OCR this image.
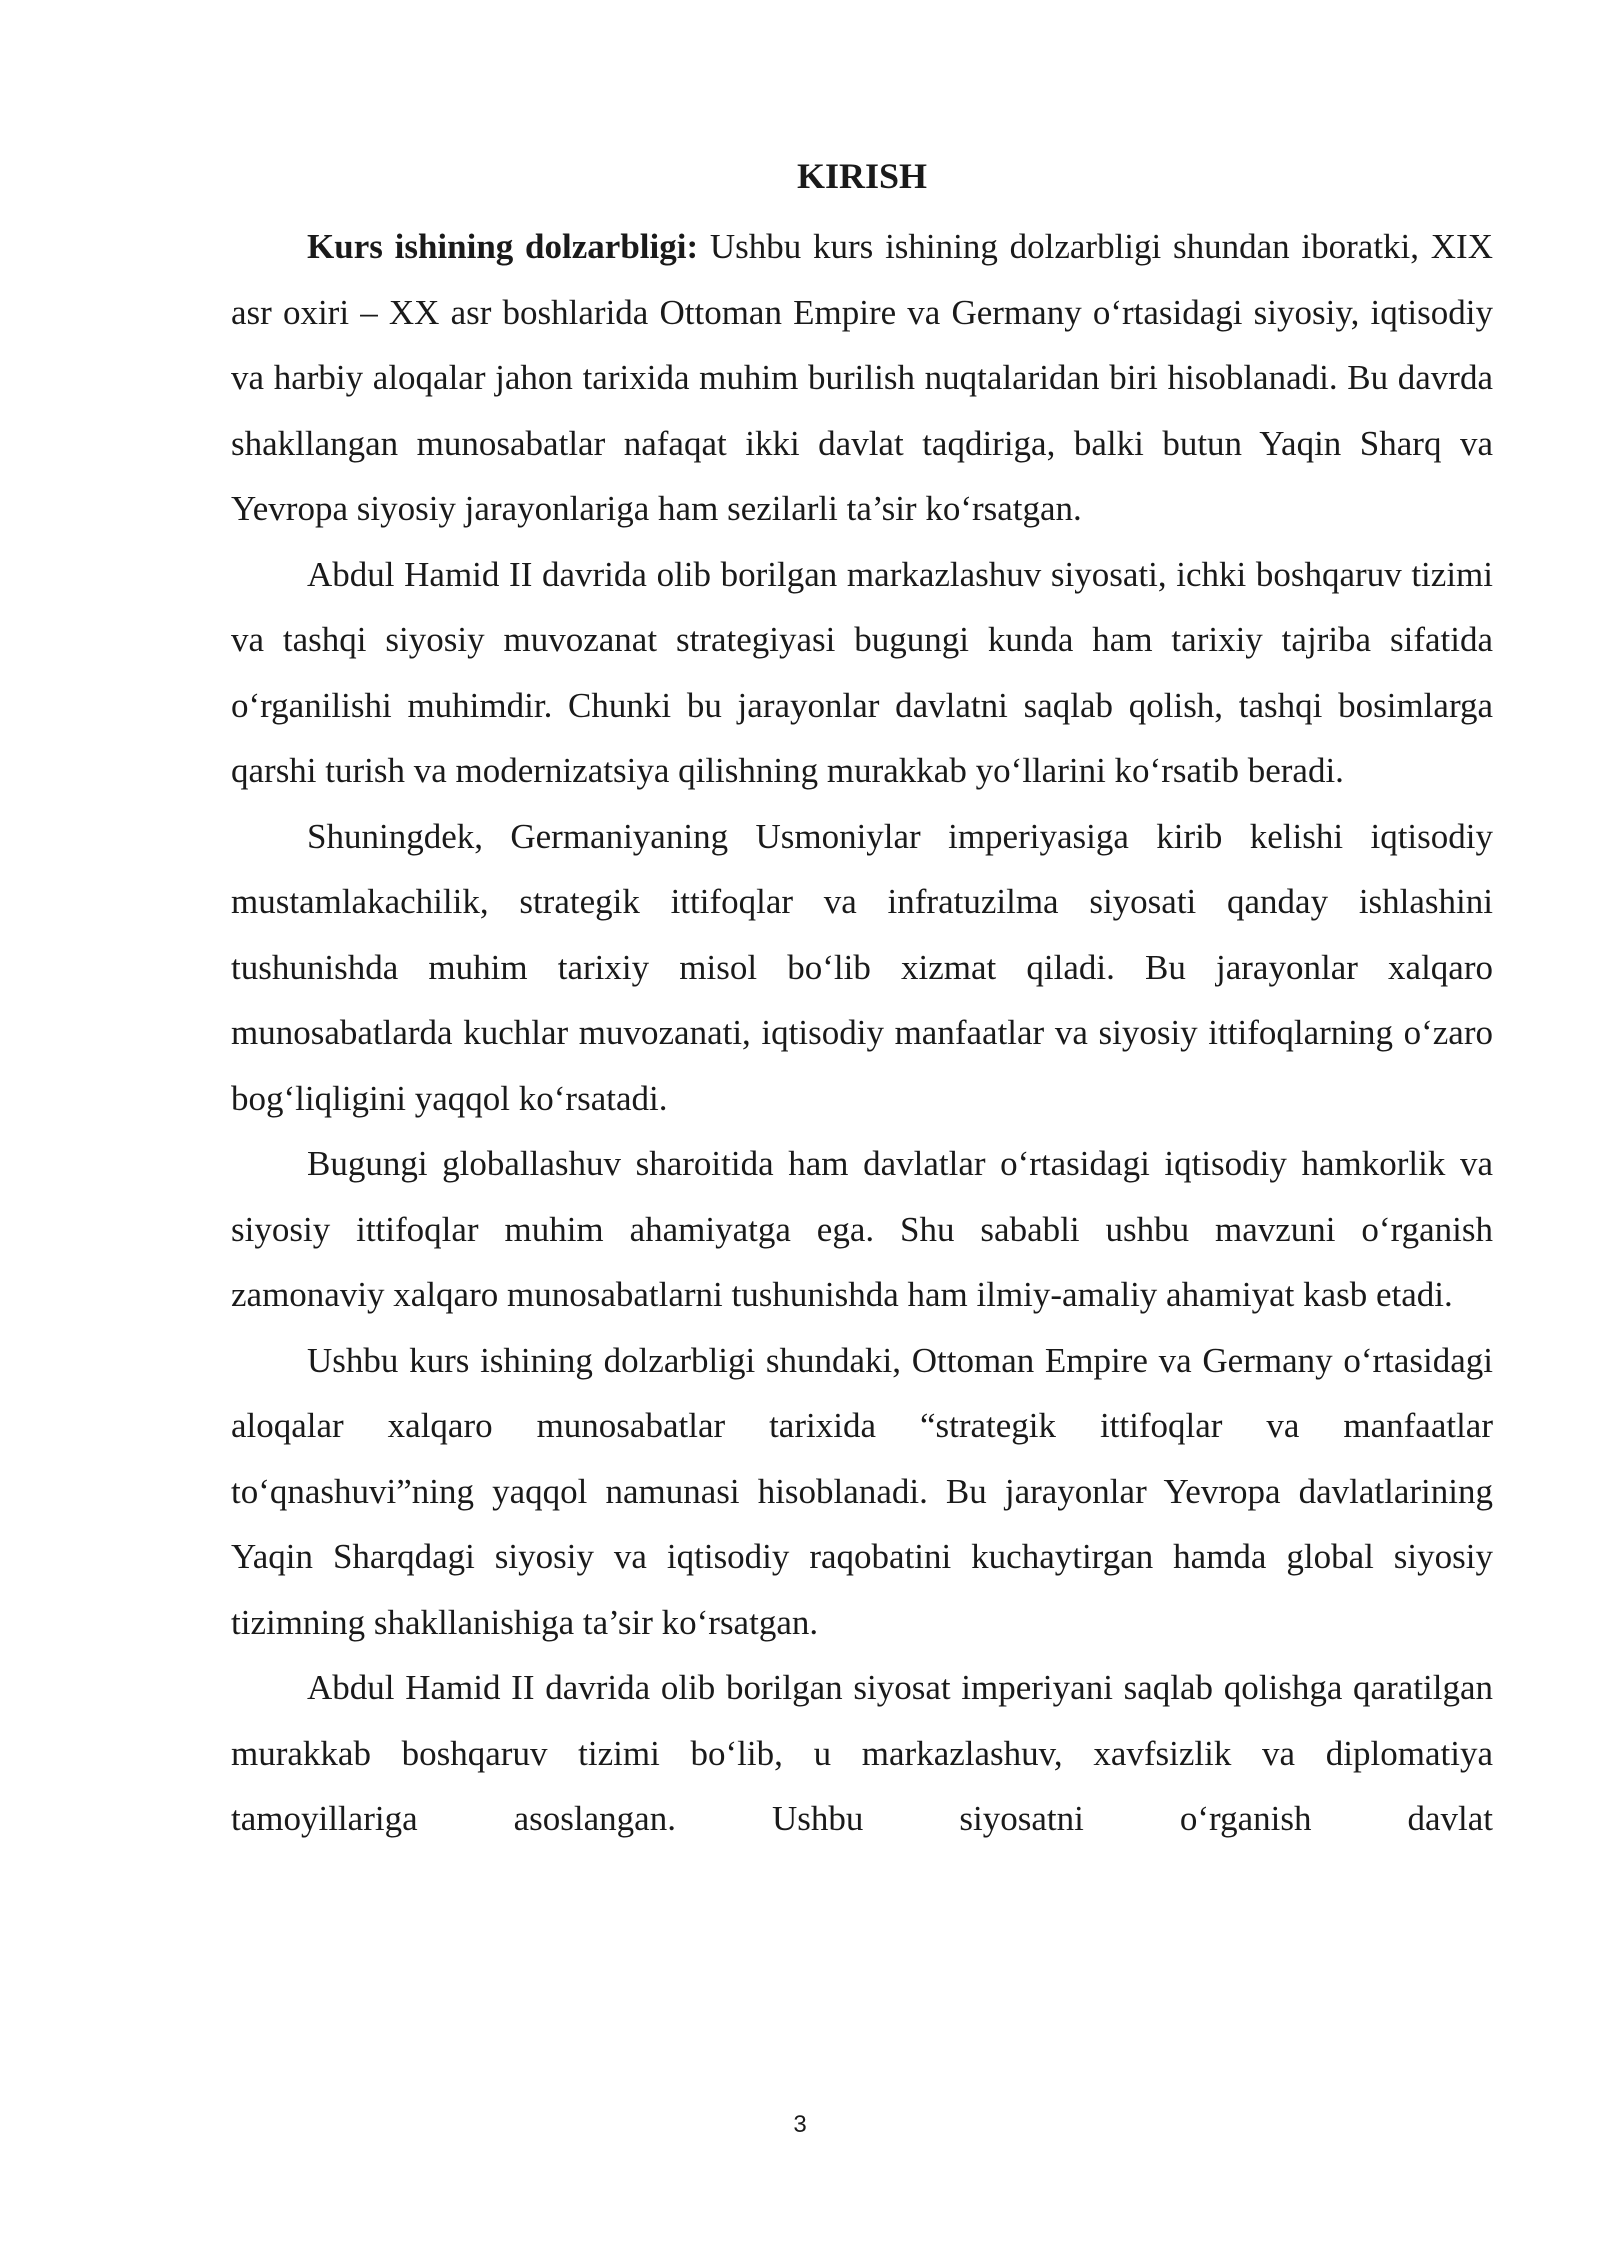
KIRISH

Kurs ishining dolzarbligi: Ushbu kurs ishining dolzarbligi shundan iboratki, XIX asr oxiri – XX asr boshlarida Ottoman Empire va Germany o‘rtasidagi siyosiy, iqtisodiy va harbiy aloqalar jahon tarixida muhim burilish nuqtalaridan biri hisoblanadi. Bu davrda shakllangan munosabatlar nafaqat ikki davlat taqdiriga, balki butun Yaqin Sharq va Yevropa siyosiy jarayonlariga ham sezilarli ta’sir ko‘rsatgan.

Abdul Hamid II davrida olib borilgan markazlashuv siyosati, ichki boshqaruv tizimi va tashqi siyosiy muvozanat strategiyasi bugungi kunda ham tarixiy tajriba sifatida o‘rganilishi muhimdir. Chunki bu jarayonlar davlatni saqlab qolish, tashqi bosimlarga qarshi turish va modernizatsiya qilishning murakkab yo‘llarini ko‘rsatib beradi.

Shuningdek, Germaniyaning Usmoniylar imperiyasiga kirib kelishi iqtisodiy mustamlakachilik, strategik ittifoqlar va infratuzilma siyosati qanday ishlashini tushunishda muhim tarixiy misol bo‘lib xizmat qiladi. Bu jarayonlar xalqaro munosabatlarda kuchlar muvozanati, iqtisodiy manfaatlar va siyosiy ittifoqlarning o‘zaro bog‘liqligini yaqqol ko‘rsatadi.

Bugungi globallashuv sharoitida ham davlatlar o‘rtasidagi iqtisodiy hamkorlik va siyosiy ittifoqlar muhim ahamiyatga ega. Shu sababli ushbu mavzuni o‘rganish zamonaviy xalqaro munosabatlarni tushunishda ham ilmiy-amaliy ahamiyat kasb etadi.

Ushbu kurs ishining dolzarbligi shundaki, Ottoman Empire va Germany o‘rtasidagi aloqalar xalqaro munosabatlar tarixida “strategik ittifoqlar va manfaatlar to‘qnashuvi”ning yaqqol namunasi hisoblanadi. Bu jarayonlar Yevropa davlatlarining Yaqin Sharqdagi siyosiy va iqtisodiy raqobatini kuchaytirgan hamda global siyosiy tizimning shakllanishiga ta’sir ko‘rsatgan.

Abdul Hamid II davrida olib borilgan siyosat imperiyani saqlab qolishga qaratilgan murakkab boshqaruv tizimi bo‘lib, u markazlashuv, xavfsizlik va diplomatiya tamoyillariga asoslangan. Ushbu siyosatni o‘rganish davlat

3
